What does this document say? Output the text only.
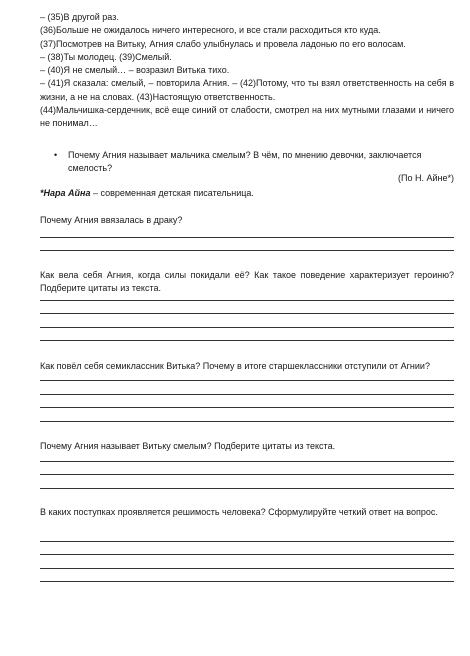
– (35)В другой раз.

(36)Больше не ожидалось ничего интересного, и все стали расходиться кто куда.

(37)Посмотрев на Витьку, Агния слабо улыбнулась и провела ладонью по его волосам.

– (38)Ты молодец. (39)Смелый.

– (40)Я не смелый… – возразил Витька тихо.

– (41)Я сказала: смелый, – повторила Агния. – (42)Потому, что ты взял ответственность на себя в жизни, а не на словах. (43)Настоящую ответственность.

(44)Мальчишка-сердечник, всё еще синий от слабости, смотрел на них мутными глазами и ничего не понимал…

• Почему Агния называет мальчика смелым? В чём, по мнению девочки, заключается смелость?
(По Н. Айне*)
*Нара Айна – современная детская писательница.
Почему Агния ввязалась в драку?
Как вела себя Агния, когда силы покидали её? Как такое поведение характеризует героиню? Подберите цитаты из текста.
Как повёл себя семиклассник Витька? Почему в итоге старшеклассники отступили от Агнии?
Почему Агния называет Витьку смелым? Подберите цитаты из текста.
В каких поступках проявляется решимость человека? Сформулируйте четкий ответ на вопрос.
